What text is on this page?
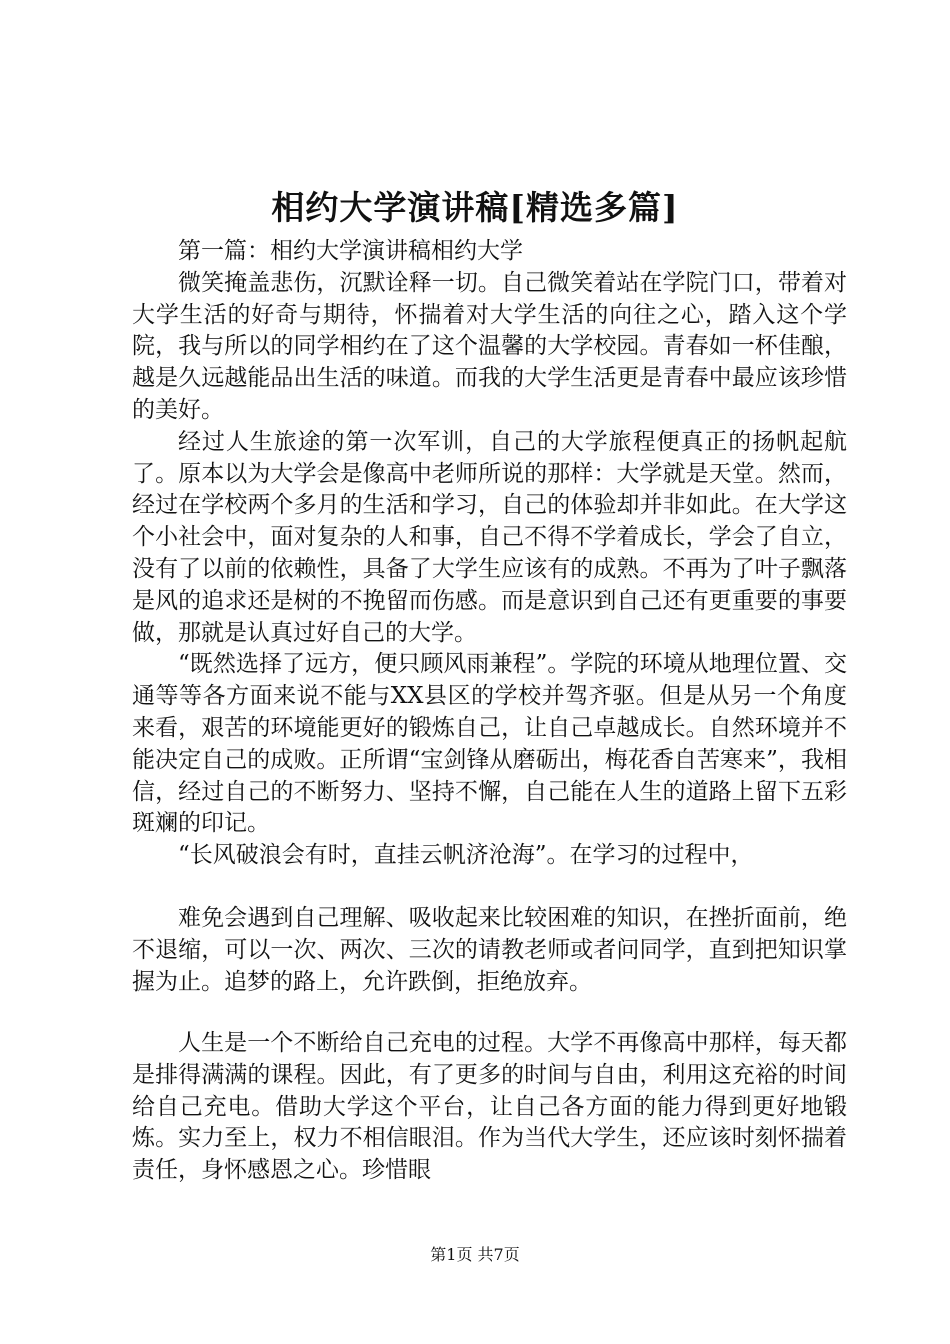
相约大学演讲稿[精选多篇]

第一篇：相约大学演讲稿相约大学

微笑掩盖悲伤，沉默诠释一切。自己微笑着站在学院门口，带着对大学生活的好奇与期待，怀揣着对大学生活的向往之心，踏入这个学院，我与所以的同学相约在了这个温馨的大学校园。青春如一杯佳酿，越是久远越能品出生活的味道。而我的大学生活更是青春中最应该珍惜的美好。

经过人生旅途的第一次军训，自己的大学旅程便真正的扬帆起航了。原本以为大学会是像高中老师所说的那样：大学就是天堂。然而，经过在学校两个多月的生活和学习，自己的体验却并非如此。在大学这个小社会中，面对复杂的人和事，自己不得不学着成长，学会了自立，没有了以前的依赖性，具备了大学生应该有的成熟。不再为了叶子飘落是风的追求还是树的不挽留而伤感。而是意识到自己还有更重要的事要做，那就是认真过好自己的大学。

“既然选择了远方，便只顾风雨兼程”。学院的环境从地理位置、交通等等各方面来说不能与XX县区的学校并驾齐驱。但是从另一个角度来看，艰苦的环境能更好的锻炼自己，让自己卓越成长。自然环境并不能决定自己的成败。正所谓“宝剑锋从磨砺出，梅花香自苦寒来”，我相信，经过自己的不断努力、坚持不懈，自己能在人生的道路上留下五彩斑斓的印记。

“长风破浪会有时，直挂云帆济沧海”。在学习的过程中，

难免会遇到自己理解、吸收起来比较困难的知识，在挫折面前，绝不退缩，可以一次、两次、三次的请教老师或者问同学，直到把知识掌握为止。追梦的路上，允许跌倒，拒绝放弃。

人生是一个不断给自己充电的过程。大学不再像高中那样，每天都是排得满满的课程。因此，有了更多的时间与自由，利用这充裕的时间给自己充电。借助大学这个平台，让自己各方面的能力得到更好地锻炼。实力至上，权力不相信眼泪。作为当代大学生，还应该时刻怀揣着责任，身怀感恩之心。珍惜眼

第1页 共7页
